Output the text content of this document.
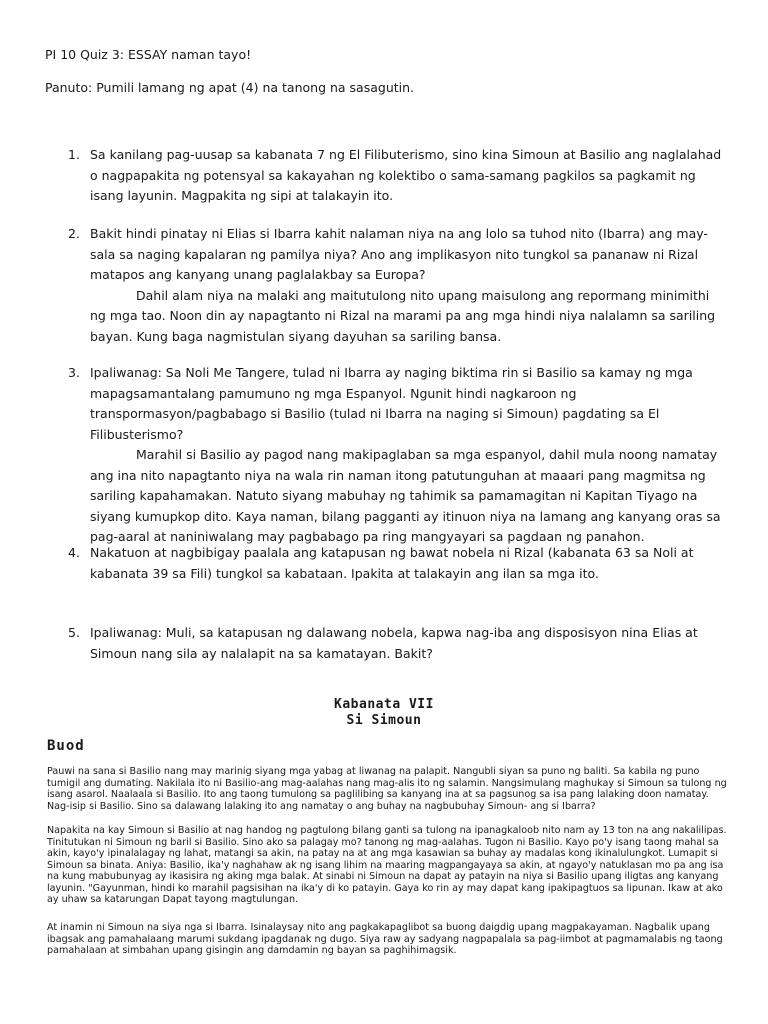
PI 10 Quiz 3: ESSAY naman tayo!
Panuto: Pumili lamang ng apat (4) na tanong na sasagutin.
1. Sa kanilang pag-uusap sa kabanata 7 ng El Filibuterismo, sino kina Simoun at Basilio ang naglalahad o nagpapakita ng potensyal sa kakayahan ng kolektibo o sama-samang pagkilos sa pagkamit ng isang layunin. Magpakita ng sipi at talakayin ito.
2. Bakit hindi pinatay ni Elias si Ibarra kahit nalaman niya na ang lolo sa tuhod nito (Ibarra) ang may-sala sa naging kapalaran ng pamilya niya? Ano ang implikasyon nito tungkol sa pananaw ni Rizal matapos ang kanyang unang paglalakbay sa Europa?
Dahil alam niya na malaki ang maitutulong nito upang maisulong ang repormang minimithi ng mga tao. Noon din ay napagtanto ni Rizal na marami pa ang mga hindi niya nalalamn sa sariling bayan. Kung baga nagmistulan siyang dayuhan sa sariling bansa.
3. Ipaliwanag: Sa Noli Me Tangere, tulad ni Ibarra ay naging biktima rin si Basilio sa kamay ng mga mapagsamantalang pamumuno ng mga Espanyol. Ngunit hindi nagkaroon ng transpormasyon/pagbabago si Basilio (tulad ni Ibarra na naging si Simoun) pagdating sa El Filibusterismo?
Marahil si Basilio ay pagod nang makipaglaban sa mga espanyol, dahil mula noong namatay ang ina nito napagtanto niya na wala rin naman itong patutunguhan at maaari pang magmitsa ng sariling kapahamakan. Natuto siyang mabuhay ng tahimik sa pamamagitan ni Kapitan Tiyago na siyang kumupkop dito. Kaya naman, bilang pagganti ay itinuon niya na lamang ang kanyang oras sa pag-aaral at naniniwalang may pagbabago pa ring mangyayari sa pagdaan ng panahon.
4. Nakatuon at nagbibigay paalala ang katapusan ng bawat nobela ni Rizal (kabanata 63 sa Noli at kabanata 39 sa Fili) tungkol sa kabataan. Ipakita at talakayin ang ilan sa mga ito.
5. Ipaliwanag: Muli, sa katapusan ng dalawang nobela, kapwa nag-iba ang disposisyon nina Elias at Simoun nang sila ay nalalapit na sa kamatayan. Bakit?
Kabanata VII
Si Simoun
Buod
Pauwi na sana si Basilio nang may marinig siyang mga yabag at liwanag na palapit. Nangubli siyan sa puno ng baliti. Sa kabila ng puno tumigil ang dumating. Nakilala ito ni Basilio-ang mag-aalahas nang mag-alis ito ng salamin. Nangsimulang maghukay si Simoun sa tulong ng isang asarol. Naalaala si Basilio. Ito ang taong tumulong sa paglilibing sa kanyang ina at sa pagsunog sa isa pang lalaking doon namatay. Nag-isip si Basilio. Sino sa dalawang lalaking ito ang namatay o ang buhay na nagbubuhay Simoun- ang si Ibarra?
Napakita na kay Simoun si Basilio at nag handog ng pagtulong bilang ganti sa tulong na ipanagkaloob nito nam ay 13 ton na ang nakalilipas. Tinitutukan ni Simoun ng baril si Basilio. Sino ako sa palagay mo? tanong ng mag-aalahas. Tugon ni Basilio. Kayo po'y isang taong mahal sa akin, kayo'y ipinalalagay ng lahat, matangi sa akin, na patay na at ang mga kasawian sa buhay ay madalas kong ikinalulungkot. Lumapit si Simoun sa binata. Aniya: Basilio, ika'y naghahaw ak ng isang lihim na maaring magpangayaya sa akin, at ngayo'y natuklasan mo pa ang isa na kung mabubunyag ay ikasisira ng aking mga balak. At sinabi ni Simoun na dapat ay patayin na niya si Basilio upang iligtas ang kanyang layunin. "Gayunman, hindi ko marahil pagsisihan na ika'y di ko patayin. Gaya ko rin ay may dapat kang ipakipagtuos sa lipunan. Ikaw at ako ay uhaw sa katarungan Dapat tayong magtulungan.
At inamin ni Simoun na siya nga si Ibarra. Isinalaysay nito ang pagkakapaglibot sa buong daigdig upang magpakayaman. Nagbalik upang ibagsak ang pamahalaang marumi sukdang ipagdanak ng dugo. Siya raw ay sadyang nagpapalala sa pag-iimbot at pagmamalabis ng taong pamahalaan at simbahan upang gisingin ang damdamin ng bayan sa paghihimagsik.
